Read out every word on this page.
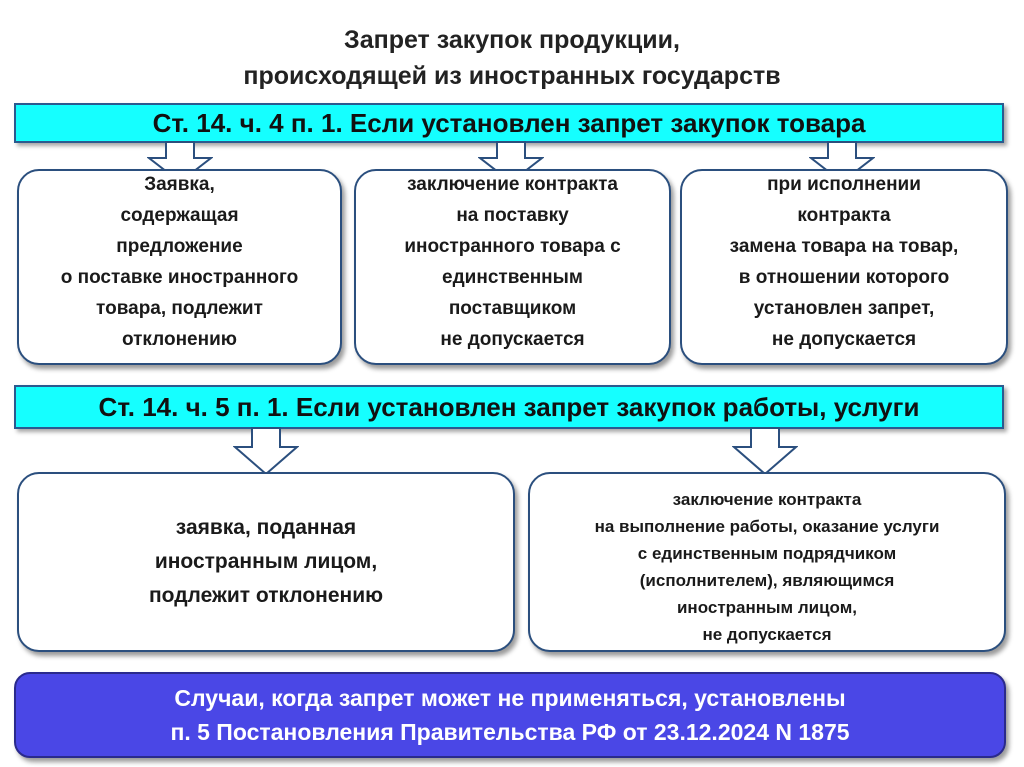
Запрет закупок продукции,
происходящей из иностранных государств
Ст. 14. ч. 4 п. 1. Если установлен запрет закупок товара
Заявка,
содержащая
предложение
о поставке иностранного
товара, подлежит
отклонению
заключение контракта
на поставку
иностранного товара с
единственным
поставщиком
не допускается
при исполнении
контракта
замена товара на товар,
в отношении которого
установлен запрет,
не допускается
Ст. 14. ч. 5 п. 1. Если установлен запрет закупок работы, услуги
заявка, поданная
иностранным лицом,
подлежит отклонению
заключение контракта
на выполнение работы, оказание услуги
с единственным подрядчиком
(исполнителем), являющимся
иностранным лицом,
не допускается
Случаи, когда запрет может не применяться, установлены
п. 5 Постановления Правительства РФ от 23.12.2024 N 1875
